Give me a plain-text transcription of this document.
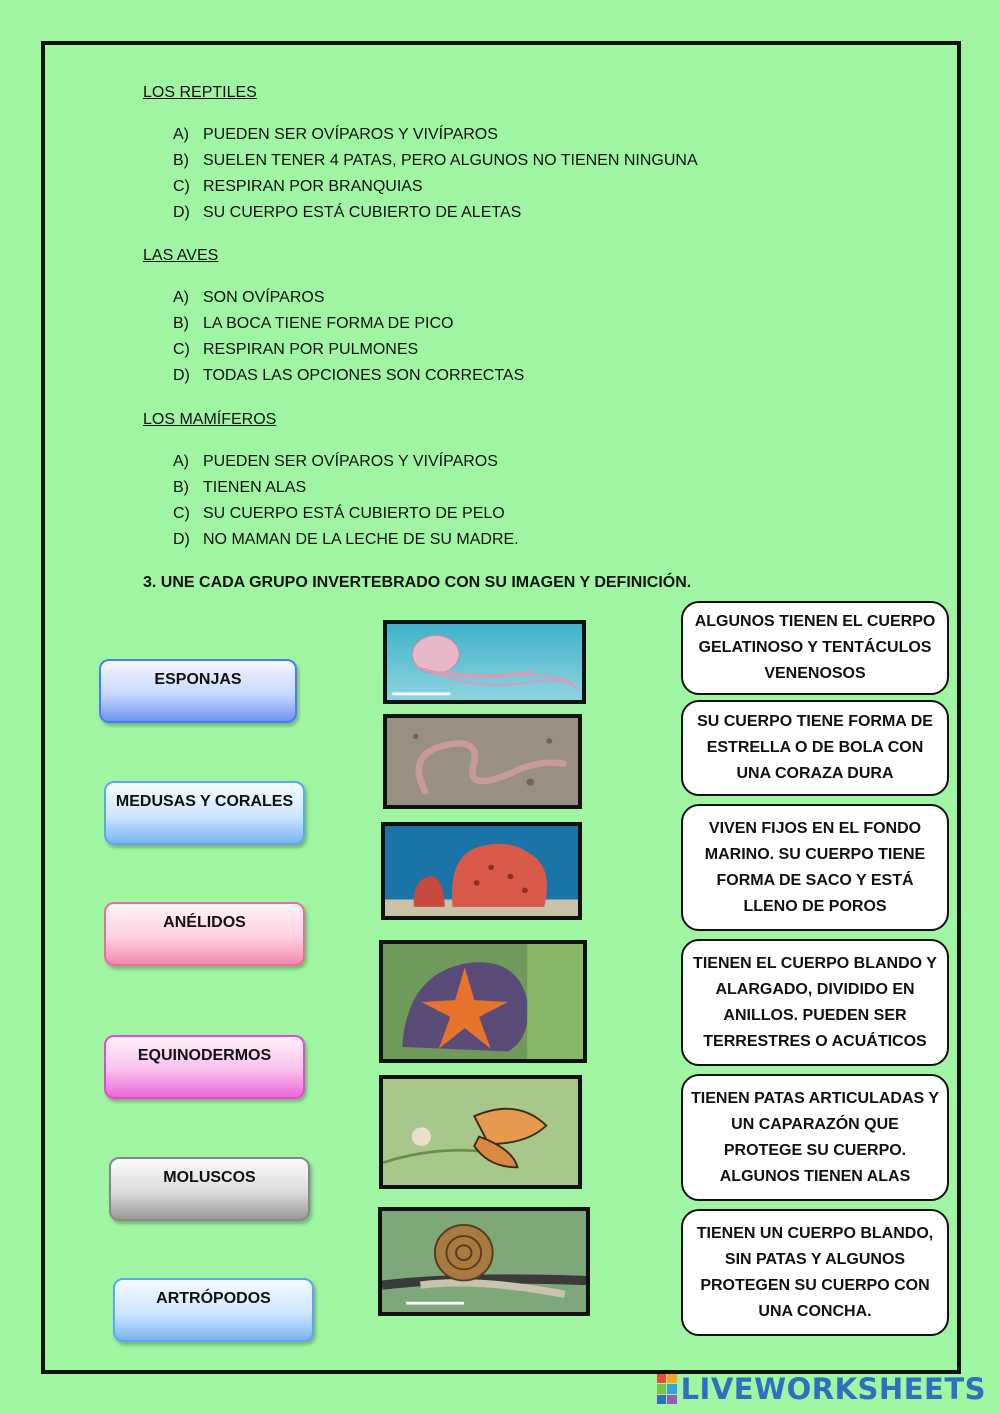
LOS REPTILES
A) PUEDEN SER OVÍPAROS Y VIVÍPAROS
B) SUELEN TENER 4 PATAS, PERO ALGUNOS NO TIENEN NINGUNA
C) RESPIRAN POR BRANQUIAS
D) SU CUERPO ESTÁ CUBIERTO DE ALETAS
LAS AVES
A) SON OVÍPAROS
B) LA BOCA TIENE FORMA DE PICO
C) RESPIRAN POR PULMONES
D) TODAS LAS OPCIONES SON CORRECTAS
LOS MAMÍFEROS
A) PUEDEN SER OVÍPAROS Y VIVÍPAROS
B) TIENEN ALAS
C) SU CUERPO ESTÁ CUBIERTO DE PELO
D) NO MAMAN DE LA LECHE DE SU MADRE.
3. UNE CADA GRUPO INVERTEBRADO CON SU IMAGEN Y DEFINICIÓN.
ESPONJAS
MEDUSAS Y CORALES
ANÉLIDOS
EQUINODERMOS
MOLUSCOS
ARTRÓPODOS
ALGUNOS TIENEN EL CUERPO GELATINOSO Y TENTÁCULOS VENENOSOS
SU CUERPO TIENE FORMA DE ESTRELLA O DE BOLA CON UNA CORAZA DURA
VIVEN FIJOS EN EL FONDO MARINO. SU CUERPO TIENE FORMA DE SACO Y ESTÁ LLENO DE POROS
TIENEN EL CUERPO BLANDO Y ALARGADO, DIVIDIDO EN ANILLOS. PUEDEN SER TERRESTRES O ACUÁTICOS
TIENEN PATAS ARTICULADAS Y UN CAPARAZÓN QUE PROTEGE SU CUERPO. ALGUNOS TIENEN ALAS
TIENEN UN CUERPO BLANDO, SIN PATAS Y ALGUNOS PROTEGEN SU CUERPO CON UNA CONCHA.
LIVEWORKSHEETS
